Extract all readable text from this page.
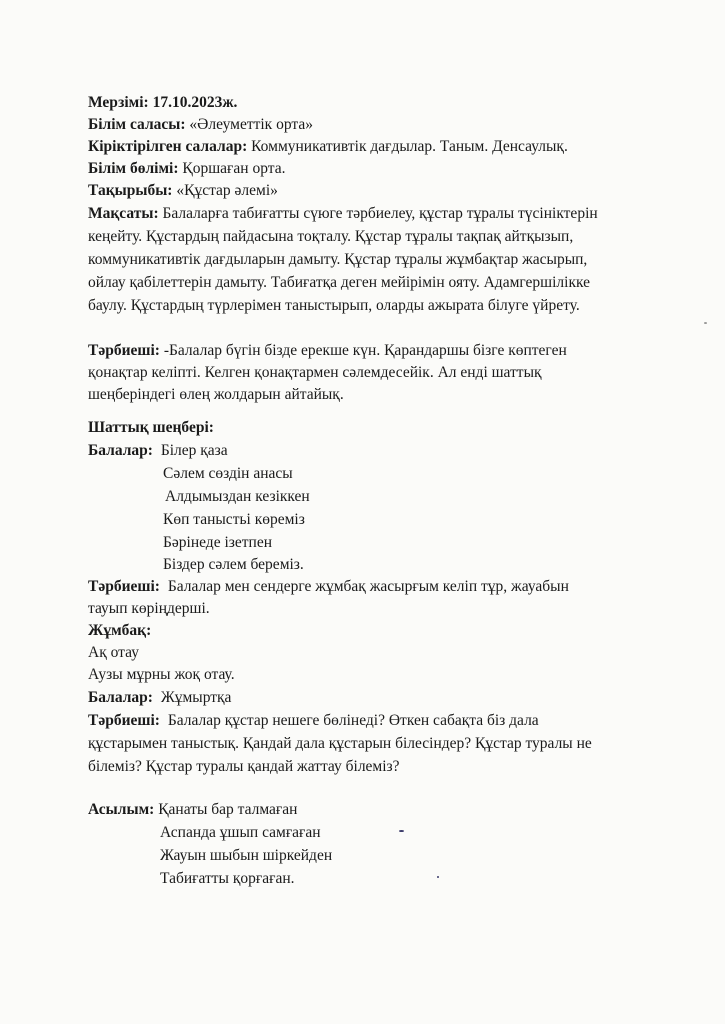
Мерзімі: 17.10.2023ж.
Білім саласы: «Әлеуметтік орта»
Кіріктірілген салалар: Коммуникативтік дағдылар. Таным. Денсаулық.
Білім бөлімі: Қоршаған орта.
Тақырыбы: «Құстар әлемі»
Мақсаты: Балаларға табиғатты сүюге тәрбиелеу, құстар тұралы түсініктерін
кеңейту. Құстардың пайдасына тоқталу. Құстар тұралы тақпақ айтқызып,
коммуникативтік дағдыларын дамыту. Құстар тұралы жұмбақтар жасырып,
ойлау қабілеттерін дамыту. Табиғатқа деген мейірімін ояту. Адамгершілікке
баулу. Құстардың түрлерімен таныстырып, оларды ажырата білуге үйрету.
Тәрбиеші: -Балалар бүгін бізде ерекше күн. Қарандаршы бізге көптеген
қонақтар келіпті. Келген қонақтармен сәлемдесейік. Ал енді шаттық
шеңберіндегі өлең жолдарын айтайық.
Шаттық шеңбері:
Балалар: Білер қаза
Сәлем сөздін анасы
Алдымыздан кезіккен
Көп таныстьі көреміз
Бәрінеде ізетпен
Біздер сәлем береміз.
Тәрбиеші: Балалар мен сендерге жұмбақ жасырғым келіп тұр, жауабын
тауып көріңдерші.
Жұмбақ:
Ақ отау
Аузы мұрны жоқ отау.
Балалар: Жұмыртқа
Тәрбиеші: Балалар құстар нешеге бөлінеді? Өткен сабақта біз дала
құстарымен таныстық. Қандай дала құстарын білесіндер? Құстар туралы не
білеміз? Құстар туралы қандай жаттау білеміз?
Асылым: Қанаты бар талмаған
Аспанда ұшып самғаған
Жауын шыбын шіркейден
Табиғатты қорғаған.
